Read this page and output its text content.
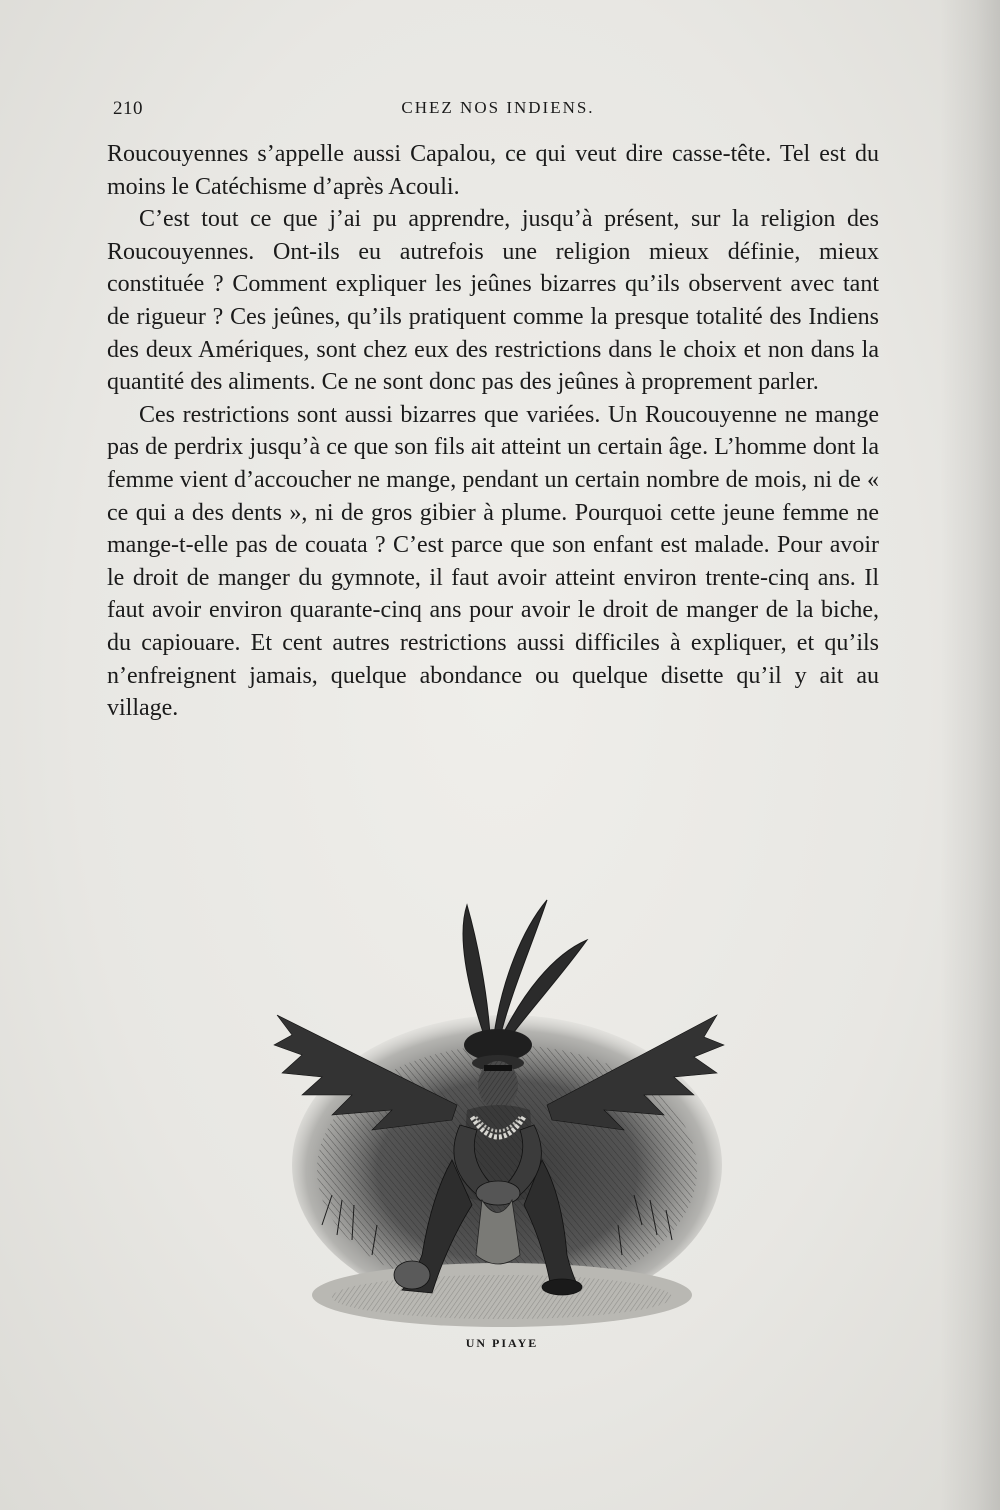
210	CHEZ NOS INDIENS.

Roucouyennes s’appelle aussi Capalou, ce qui veut dire casse-tête. Tel est du moins le Catéchisme d’après Acouli.

C’est tout ce que j’ai pu apprendre, jusqu’à présent, sur la religion des Roucouyennes. Ont-ils eu autrefois une religion mieux définie, mieux constituée ? Comment expliquer les jeûnes bizarres qu’ils observent avec tant de rigueur ? Ces jeûnes, qu’ils pratiquent comme la presque totalité des Indiens des deux Amériques, sont chez eux des restrictions dans le choix et non dans la quantité des aliments. Ce ne sont donc pas des jeûnes à proprement parler.

Ces restrictions sont aussi bizarres que variées. Un Roucouyenne ne mange pas de perdrix jusqu’à ce que son fils ait atteint un certain âge. L’homme dont la femme vient d’accoucher ne mange, pendant un certain nombre de mois, ni de « ce qui a des dents », ni de gros gibier à plume. Pourquoi cette jeune femme ne mange-t-elle pas de couata ? C’est parce que son enfant est malade. Pour avoir le droit de manger du gymnote, il faut avoir atteint environ trente-cinq ans. Il faut avoir environ quarante-cinq ans pour avoir le droit de manger de la biche, du capiouare. Et cent autres restrictions aussi difficiles à expliquer, et qu’ils n’enfreignent jamais, quelque abondance ou quelque disette qu’il y ait au village.

UN PIAYE
